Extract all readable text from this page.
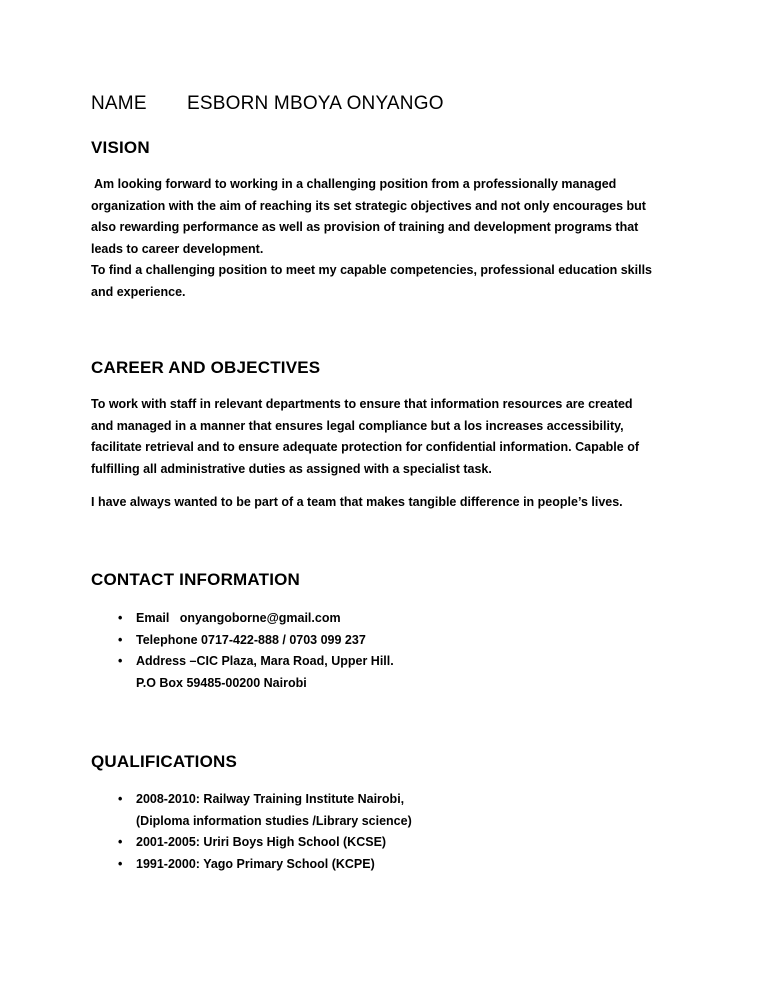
NAME ESBORN MBOYA ONYANGO
VISION

Am looking forward to working in a challenging position from a professionally managed

organization with the aim of reaching its set strategic objectives and not only encourages but

also rewarding performance as well as provision of training and development programs that

leads to career development.

To find a challenging position to meet my capable competencies, professional education skills

and experience.

CAREER AND OBJECTIVES

To work with staff in relevant departments to ensure that information resources are created

and managed in a manner that ensures legal compliance but a los increases accessibility,

facilitate retrieval and to ensure adequate protection for confidential information. Capable of

fulfilling all administrative duties as assigned with a specialist task.

I have always wanted to be part of a team that makes tangible difference in people’s lives.

CONTACT INFORMATION
• Email   onyangoborne@gmail.com
• Telephone 0717-422-888 / 0703 099 237
• Address –CIC Plaza, Mara Road, Upper Hill.
P.O Box 59485-00200 Nairobi
QUALIFICATIONS
• 2008-2010: Railway Training Institute Nairobi,
(Diploma information studies /Library science)
• 2001-2005: Uriri Boys High School (KCSE)
• 1991-2000: Yago Primary School (KCPE)
